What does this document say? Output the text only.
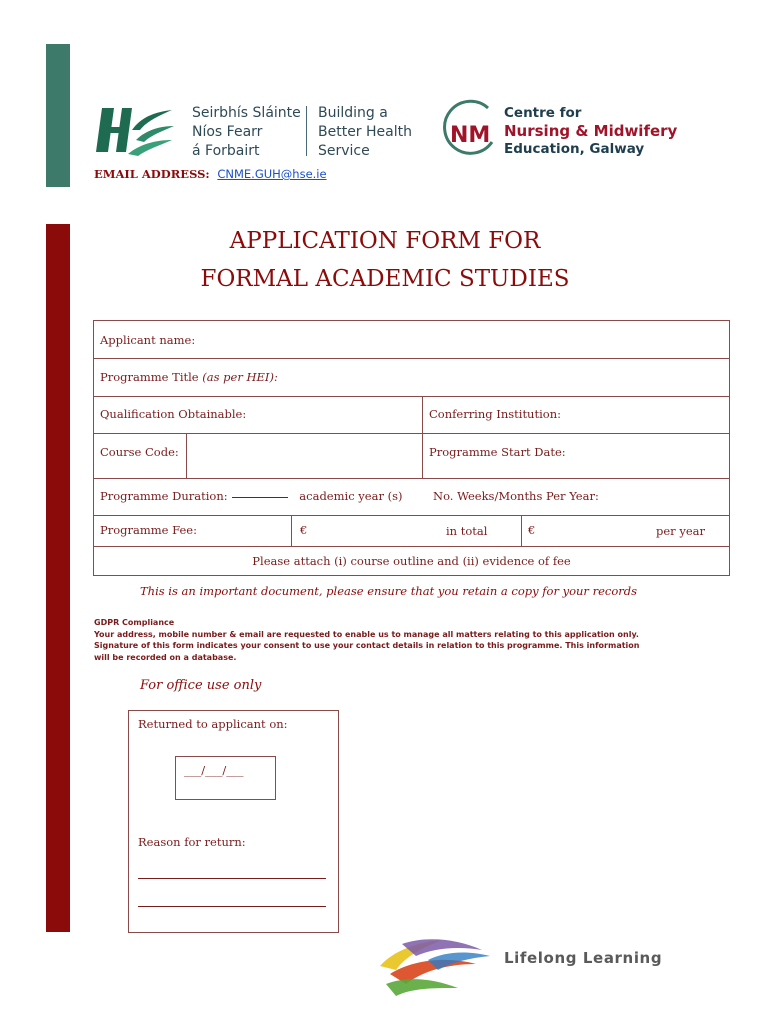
Seirbhís Sláinte
Níos Fearr
á Forbairt
Building a
Better Health
Service
NM
Centre for
Nursing & Midwifery
Education, Galway
EMAIL ADDRESS: CNME.GUH@hse.ie
APPLICATION FORM FOR
FORMAL ACADEMIC STUDIES
Applicant name:
Programme Title (as per HEI):
Qualification Obtainable:	Conferring Institution:
Course Code:	Programme Start Date:
Programme Duration:	academic year (s)	No. Weeks/Months Per Year:
Programme Fee:	€	in total	€	per year
Please attach (i) course outline and (ii) evidence of fee
This is an important document, please ensure that you retain a copy for your records
GDPR Compliance
Your address, mobile number & email are requested to enable us to manage all matters relating to this application only.
Signature of this form indicates your consent to use your contact details in relation to this programme. This information
will be recorded on a database.
For office use only
Returned to applicant on:
___/___/___
Reason for return:
Lifelong Learning
